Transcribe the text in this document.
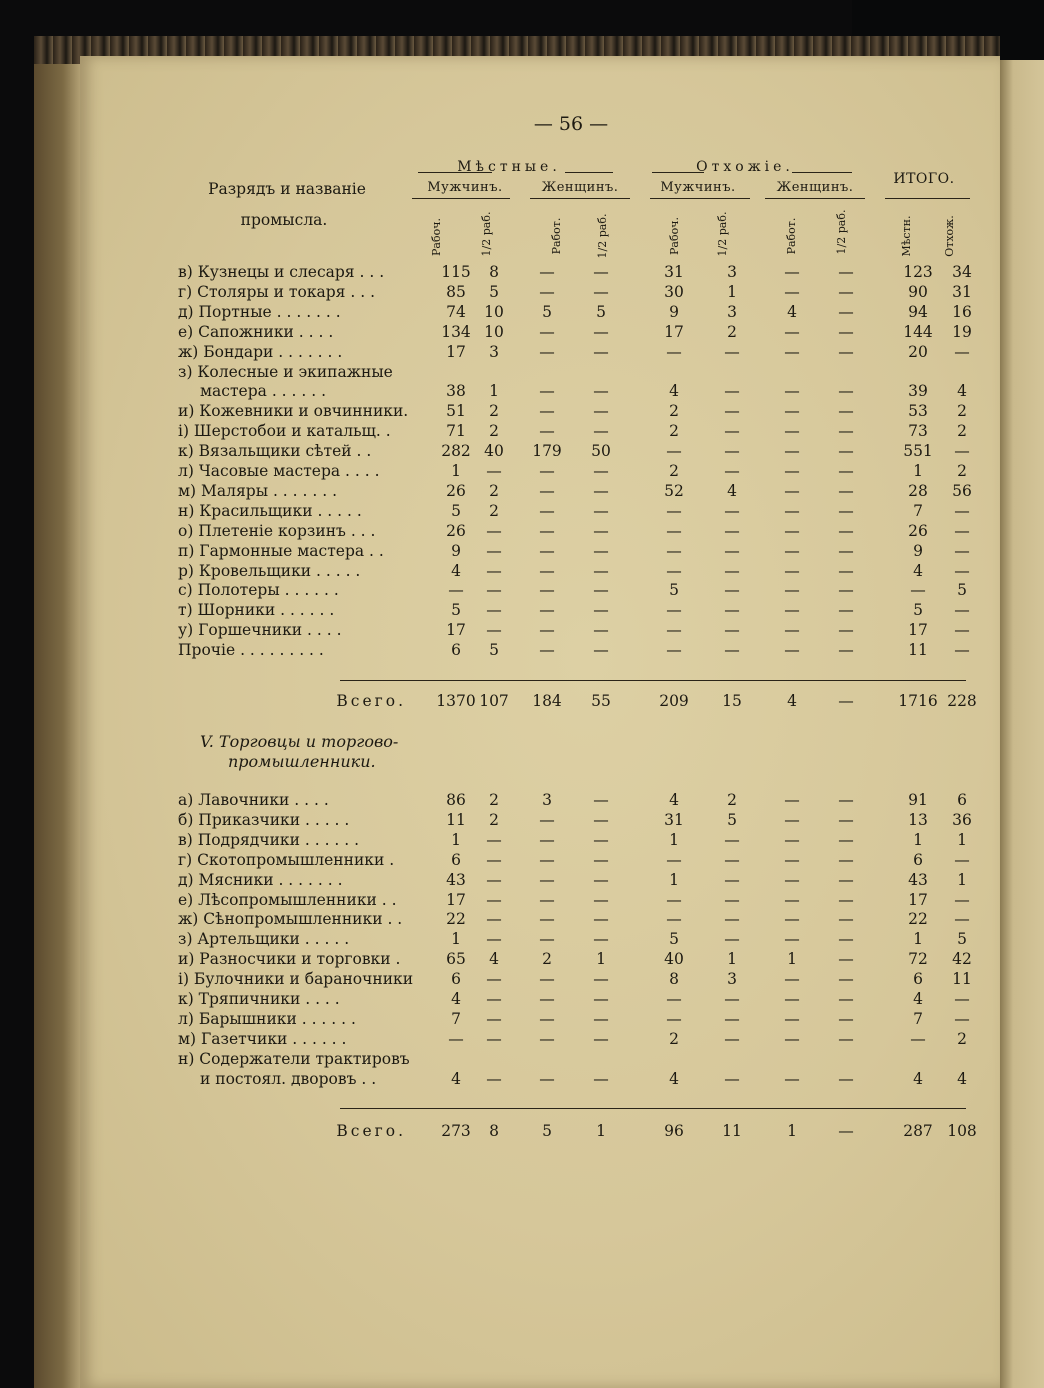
— 56 —
Разрядъ и названіе
промысла.
Мѣстные.	Отхожіе.
ИТОГО.
Мужчинъ.	Женщинъ.	Мужчинъ.	Женщинъ.
Рабоч.	1/2 раб.	Работ.	1/2 раб.	Рабоч.	1/2 раб.	Работ.	1/2 раб.	Мѣстн.	Отхож.
в) Кузнецы и слесаря . . .	115 8	— —	31	3	— —	123 34
г) Столяры и токаря . . .	85 5	— —	30	1	— —	90 31
д) Портные . . . . . . .	74 10 5	5	9	3	4	—	94 16
е) Сапожники . . . .	134 10 — —	17	2	— —	144 19
ж) Бондари . . . . . . .	17 3	— —	—	—	— —	20 —
з) Колесные и экипажные
мастера . . . . . .	38 1	— —	4	—	— —	39 4
и) Кожевники и овчинники. 51 2	— —	2	—	— —	53 2
і) Шерстобои и катальщ. .	71 2	— —	2	—	— —	73 2
к) Вязальщики сѣтей . .	282 40 179 50	—	—	— —	551 —
л) Часовые мастера . . . .	1 — — —	2	—	— —	1 2
м) Маляры . . . . . . .	26 2	— —	52	4	— —	28 56
н) Красильщики . . . . .	5 2	— —	—	—	— —	7 —
о) Плетеніе корзинъ . . .	26 — — —	—	—	— —	26 —
п) Гармонные мастера . .	9 — — —	—	—	— —	9 —
р) Кровельщики . . . . .	4 — — —	—	—	— —	4 —
с) Полотеры . . . . . .	— — — —	5	—	— —	— 5
т) Шорники . . . . . .	5 — — —	—	—	— —	5 —
у) Горшечники . . . .	17 — — —	—	—	— —	17 —
Прочіе . . . . . . . . .	6 5	— —	—	—	— —	11 —
Всего. 1370 107 184 55	209 15	4	—	1716 228
V. Торговцы и торгово-
промышленники.
а) Лавочники . . . .	86 2	3	—	4	2	— —	91 6
б) Приказчики . . . . .	11 2	— —	31	5	— —	13 36
в) Подрядчики . . . . . .	1 — — —	1	—	— —	1 1
г) Скотопромышленники .	6 — — —	—	—	— —	6 —
д) Мясники . . . . . . .	43 — — —	1	—	— —	43 1
е) Лѣсопромышленники . .	17 — — —	—	—	— —	17 —
ж) Сѣнопромышленники . .	22 — — —	—	—	— —	22 —
з) Артельщики . . . . .	1 — — —	5	—	— —	1 5
и) Разносчики и торговки .	65 4	2	1	40	1	1	—	72 42
і) Булочники и бараночники 6 — — —	8	3	— —	6 11
к) Тряпичники . . . .	4 — — —	—	—	— —	4 —
л) Барышники . . . . . .	7 — — —	—	—	— —	7 —
м) Газетчики . . . . . .	— — — —	2	—	— —	— 2
н) Содержатели трактировъ
и постоял. дворовъ . .	4 — — —	4	—	— —	4 4
Всего. 273 8	5	1	96 11	1	—	287 108
